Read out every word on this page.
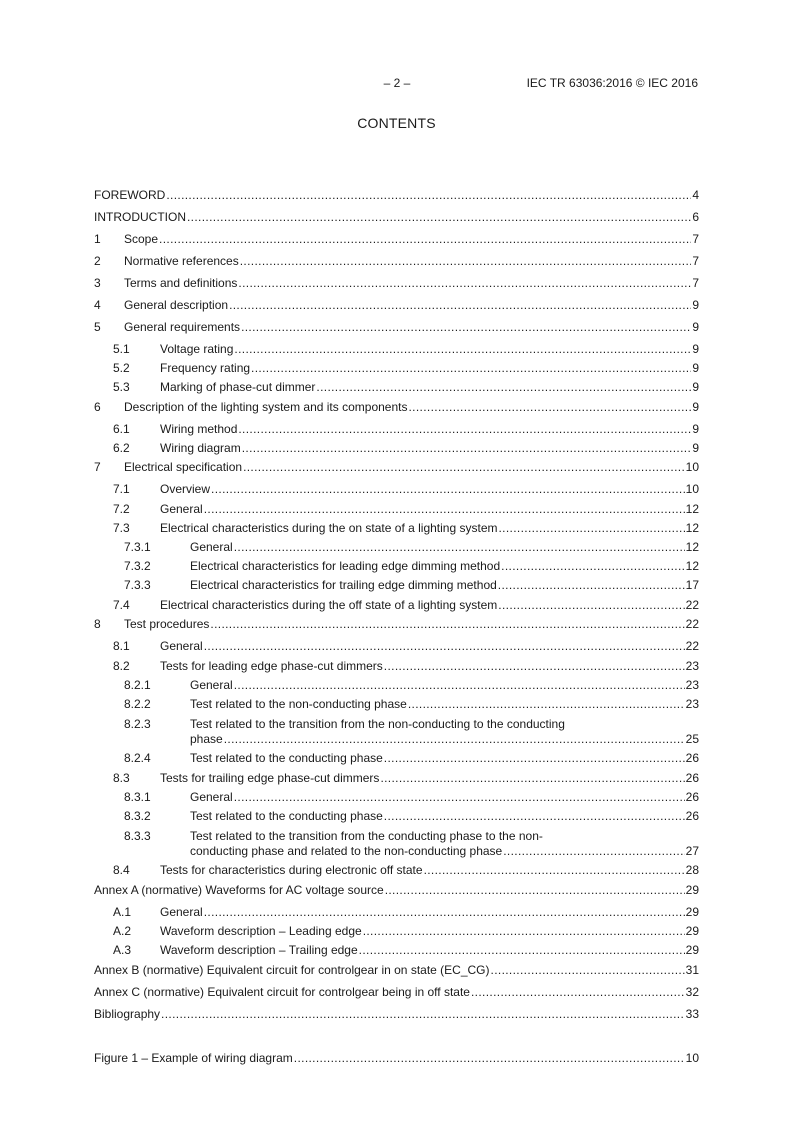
– 2 –	IEC TR 63036:2016 © IEC 2016
CONTENTS
FOREWORD .....	4
INTRODUCTION .....	6
1 Scope .....	7
2 Normative references .....	7
3 Terms and definitions .....	7
4 General description .....	9
5 General requirements .....	9
5.1	Voltage rating .....	9
5.2	Frequency rating .....	9
5.3	Marking of phase-cut dimmer .....	9
6 Description of the lighting system and its components .....	9
6.1	Wiring method .....	9
6.2	Wiring diagram .....	9
7 Electrical specification .....	10
7.1	Overview .....	10
7.2	General .....	12
7.3	Electrical characteristics during the on state of a lighting system .....	12
7.3.1	General .....	12
7.3.2	Electrical characteristics for leading edge dimming method .....	12
7.3.3	Electrical characteristics for trailing edge dimming method .....	17
7.4	Electrical characteristics during the off state of a lighting system .....	22
8 Test procedures .....	22
8.1	General .....	22
8.2	Tests for leading edge phase-cut dimmers .....	23
8.2.1	General .....	23
8.2.2	Test related to the non-conducting phase .....	23
8.2.3	Test related to the transition from the non-conducting to the conducting
phase .....	25
8.2.4	Test related to the conducting phase .....	26
8.3	Tests for trailing edge phase-cut dimmers .....	26
8.3.1	General .....	26
8.3.2	Test related to the conducting phase .....	26
8.3.3	Test related to the transition from the conducting phase to the non-
conducting phase and related to the non-conducting phase .....	27
8.4	Tests for characteristics during electronic off state .....	28
Annex A (normative) Waveforms for AC voltage source .....	29
A.1 General .....	29
A.2 Waveform description – Leading edge .....	29
A.3 Waveform description – Trailing edge .....	29
Annex B (normative) Equivalent circuit for controlgear in on state (EC_CG) .....	31
Annex C (normative) Equivalent circuit for controlgear being in off state .....	32
Bibliography .....	33
Figure 1 – Example of wiring diagram .....	10
